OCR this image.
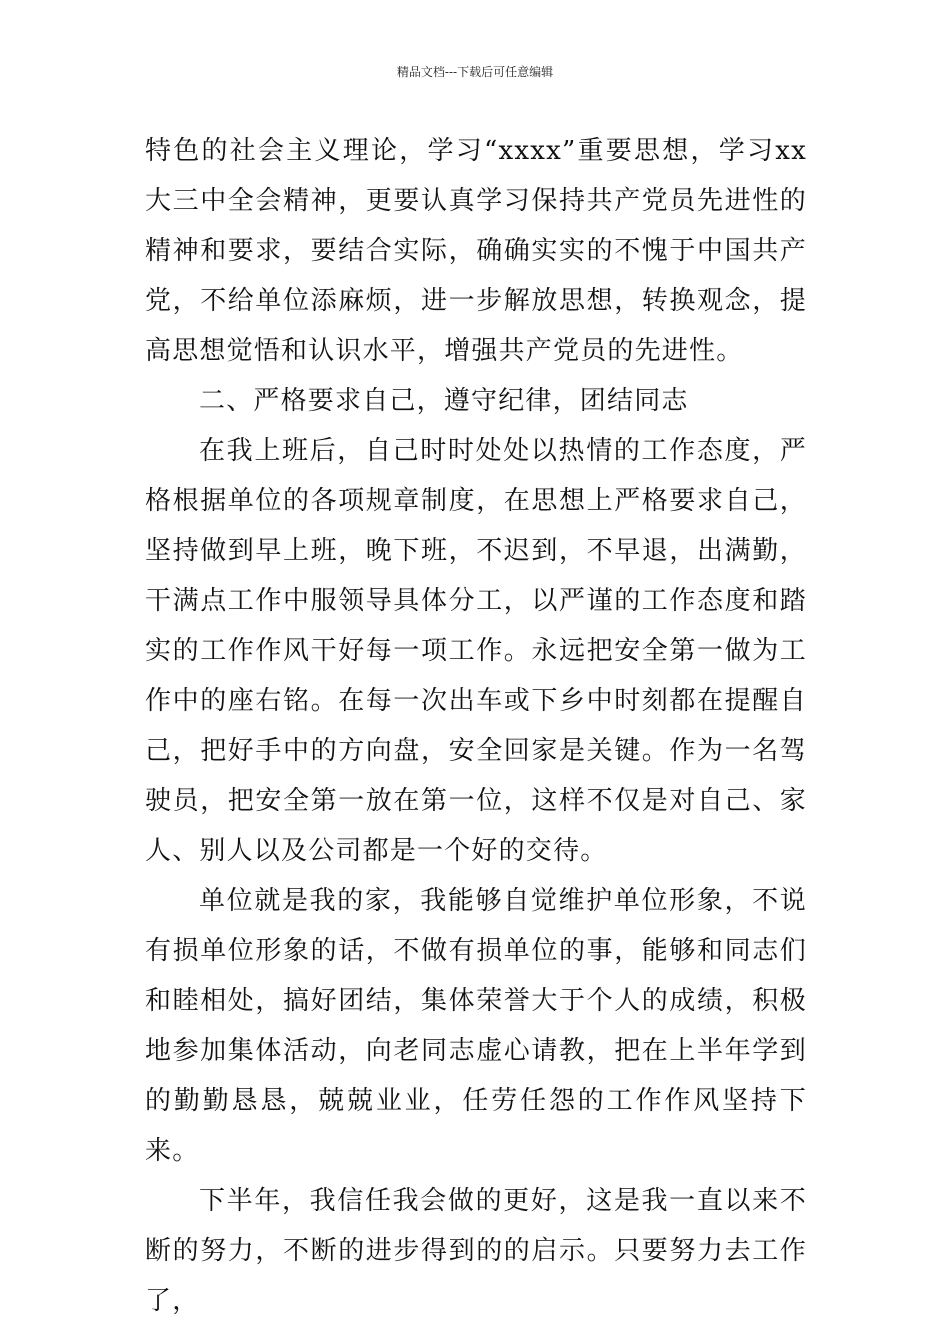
精品文档---下载后可任意编辑

特色的社会主义理论，学习“xxxx”重要思想，学习xx大三中全会精神，更要认真学习保持共产党员先进性的精神和要求，要结合实际，确确实实的不愧于中国共产党，不给单位添麻烦，进一步解放思想，转换观念，提高思想觉悟和认识水平，增强共产党员的先进性。

二、严格要求自己，遵守纪律，团结同志

在我上班后，自己时时处处以热情的工作态度，严格根据单位的各项规章制度，在思想上严格要求自己，坚持做到早上班，晚下班，不迟到，不早退，出满勤，干满点工作中服领导具体分工，以严谨的工作态度和踏实的工作作风干好每一项工作。永远把安全第一做为工作中的座右铭。在每一次出车或下乡中时刻都在提醒自己，把好手中的方向盘，安全回家是关键。作为一名驾驶员，把安全第一放在第一位，这样不仅是对自己、家人、别人以及公司都是一个好的交待。

单位就是我的家，我能够自觉维护单位形象，不说有损单位形象的话，不做有损单位的事，能够和同志们和睦相处，搞好团结，集体荣誉大于个人的成绩，积极地参加集体活动，向老同志虚心请教，把在上半年学到的勤勤恳恳，兢兢业业，任劳任怨的工作作风坚持下来。

下半年，我信任我会做的更好，这是我一直以来不断的努力，不断的进步得到的的启示。只要努力去工作了，
